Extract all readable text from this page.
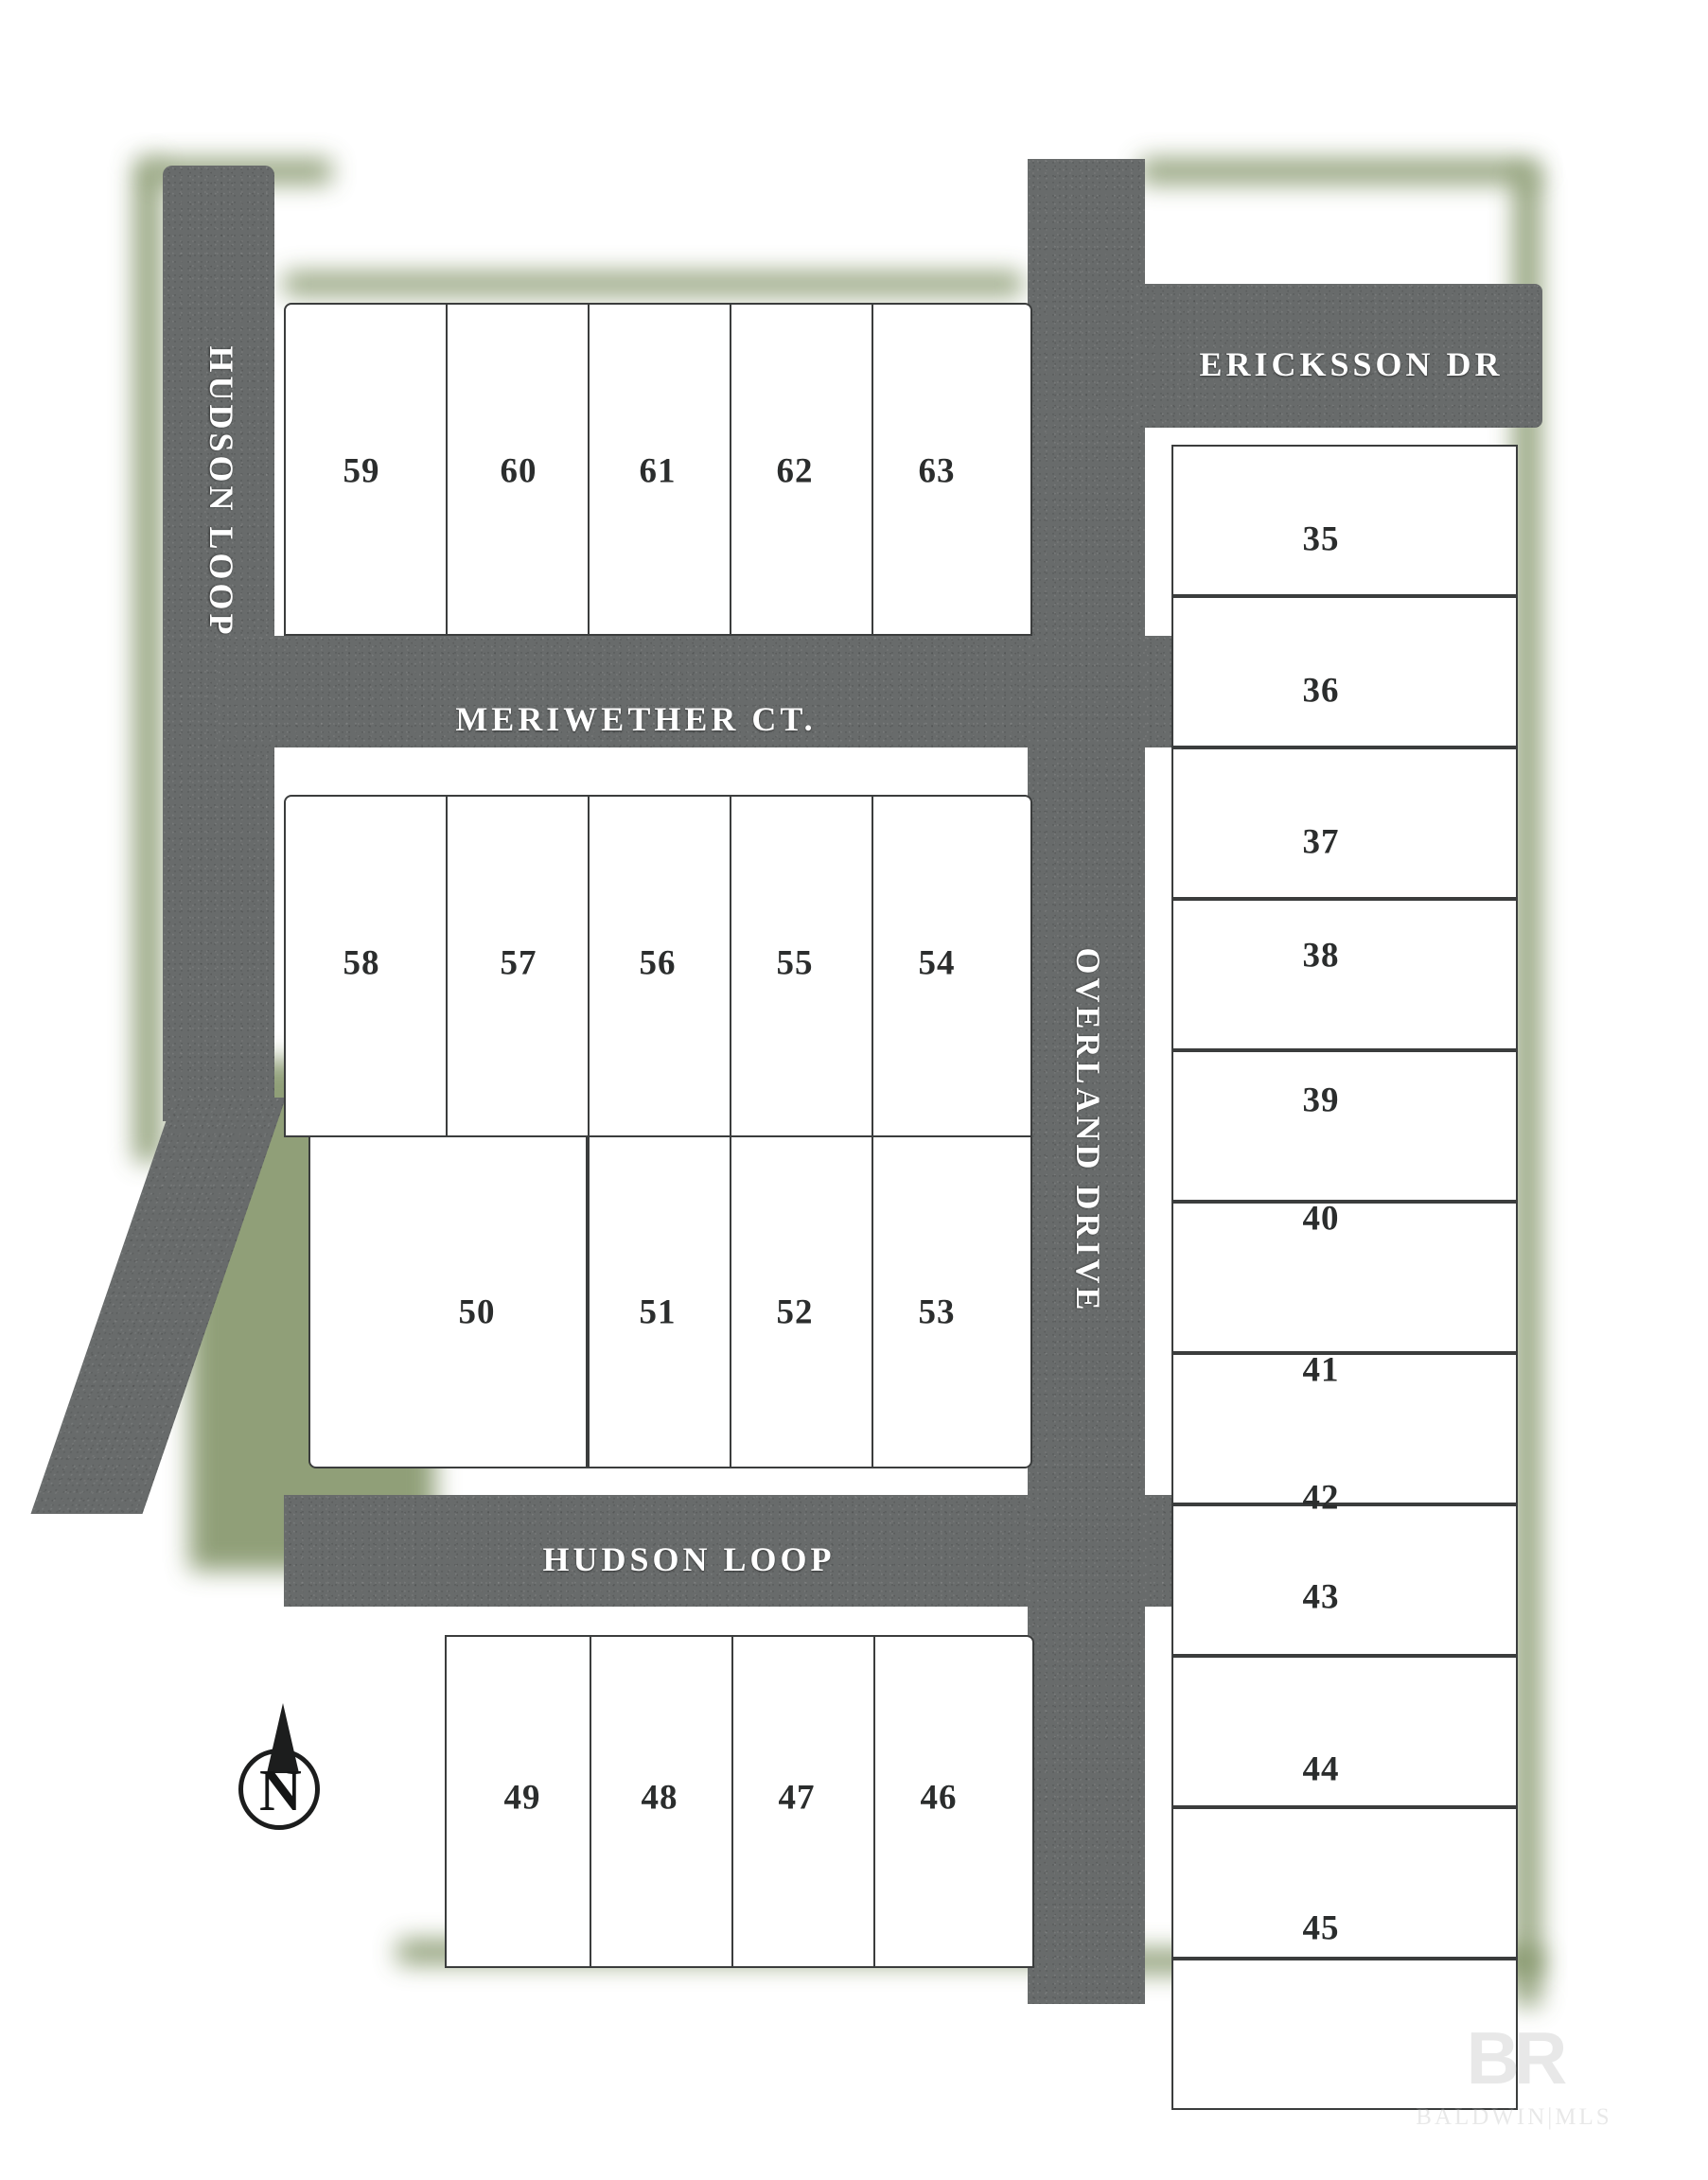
HUDSON LOOP
MERIWETHER CT.
ERICKSSON DR
OVERLAND DRIVE
HUDSON LOOP
59	60	61	62	63
58	57	56	55	54
50	51	52	53
49	48	47	46
35
36
37
38
39
40
41
42
43
44
45
N
BR
BALDWIN|MLS
